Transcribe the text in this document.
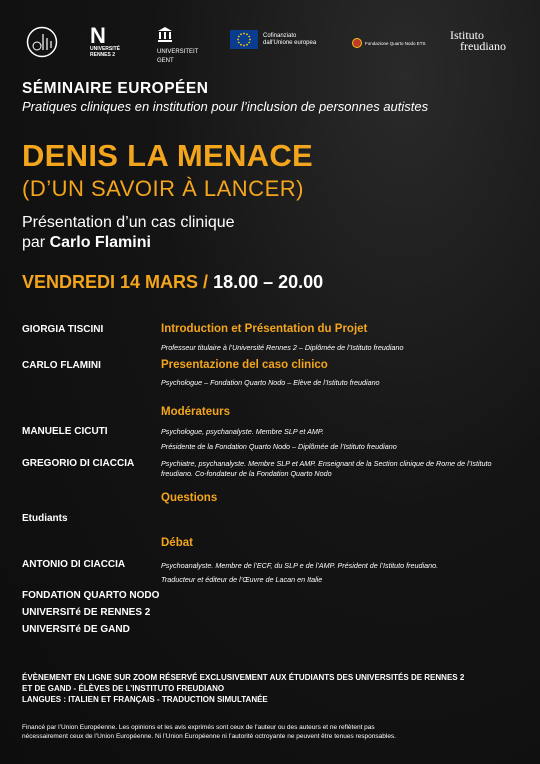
N
UNIVERSITÉ
RENNES 2	UNIVERSITEIT
GENT
Cofinanziato
dall'Unione europea	Fondazione Quarto Nodo ETS
Istituto
freudiano
SÉMINAIRE EUROPÉEN
Pratiques cliniques en institution pour l’inclusion de personnes autistes
DENIS LA MENACE
(D’UN SAVOIR À LANCER)
Présentation d’un cas clinique
par Carlo Flamini
VENDREDI 14 MARS / 18.00 – 20.00
GIORGIA TISCINI	Introduction et Présentation du Projet
Professeur titulaire à l’Université Rennes 2 – Diplômée de l’Istituto freudiano
CARLO FLAMINI	Presentazione del caso clinico
Psychologue – Fondation Quarto Nodo – Elève de l’Istituto freudiano
Modérateurs
MANUELE CICUTI	Psychologue, psychanalyste. Membre SLP et AMP.
Présidente de la Fondation Quarto Nodo – Diplômée de l’Istituto freudiano
GREGORIO DI CIACCIA	Psychiatre, psychanalyste. Membre SLP et AMP. Enseignant de la Section clinique de Rome de l’Istituto freudiano. Co-fondateur de la Fondation Quarto Nodo
Questions
Etudiants
Débat
ANTONIO DI CIACCIA	Psychoanalyste. Membre de l’ECF, du SLP e de l’AMP. Président de l’Istituto freudiano.
Traducteur et éditeur de l’Œuvre de Lacan en Italie
FONDATION QUARTO NODO
UNIVERSITé DE RENNES 2
UNIVERSITé DE GAND
ÉVÈNEMENT EN LIGNE SUR ZOOM RÉSERVÉ EXCLUSIVEMENT AUX ÉTUDIANTS DES UNIVERSITÉS DE RENNES 2
ET DE GAND - ÉLÈVES DE L’INSTITUTO FREUDIANO
LANGUES : ITALIEN ET FRANÇAIS - TRADUCTION SIMULTANÉE
Financé par l’Union Européenne. Les opinions et les avis exprimés sont ceux de l’auteur ou des auteurs et ne reflètent pas
nécessairement ceux de l’Union Européenne. Ni l’Union Européenne ni l’autorité octroyante ne peuvent être tenues responsables.
